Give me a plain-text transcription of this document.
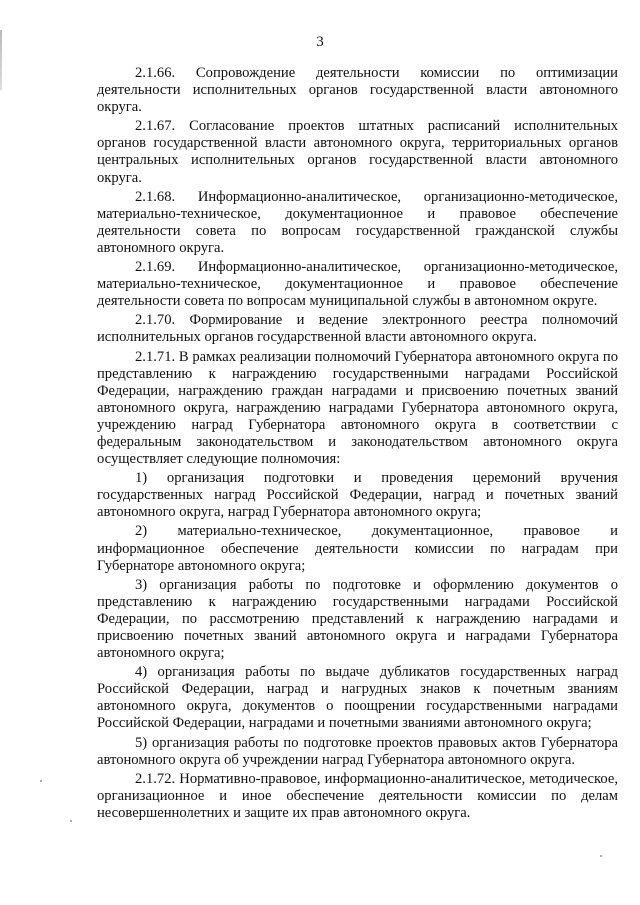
3

2.1.66. Сопровождение деятельности комиссии по оптимизации деятельности исполнительных органов государственной власти автономного округа.

2.1.67. Согласование проектов штатных расписаний исполнительных органов государственной власти автономного округа, территориальных органов центральных исполнительных органов государственной власти автономного округа.

2.1.68. Информационно-аналитическое, организационно-методическое, материально-техническое, документационное и правовое обеспечение деятельности совета по вопросам государственной гражданской службы автономного округа.

2.1.69. Информационно-аналитическое, организационно-методическое, материально-техническое, документационное и правовое обеспечение деятельности совета по вопросам муниципальной службы в автономном округе.

2.1.70. Формирование и ведение электронного реестра полномочий исполнительных органов государственной власти автономного округа.

2.1.71. В рамках реализации полномочий Губернатора автономного округа по представлению к награждению государственными наградами Российской Федерации, награждению граждан наградами и присвоению почетных званий автономного округа, награждению наградами Губернатора автономного округа, учреждению наград Губернатора автономного округа в соответствии с федеральным законодательством и законодательством автономного округа осуществляет следующие полномочия:

1) организация подготовки и проведения церемоний вручения государственных наград Российской Федерации, наград и почетных званий автономного округа, наград Губернатора автономного округа;

2) материально-техническое, документационное, правовое и информационное обеспечение деятельности комиссии по наградам при Губернаторе автономного округа;

3) организация работы по подготовке и оформлению документов о представлению к награждению государственными наградами Российской Федерации, по рассмотрению представлений к награждению наградами и присвоению почетных званий автономного округа и наградами Губернатора автономного округа;

4) организация работы по выдаче дубликатов государственных наград Российской Федерации, наград и нагрудных знаков к почетным званиям автономного округа, документов о поощрении государственными наградами Российской Федерации, наградами и почетными званиями автономного округа;

5) организация работы по подготовке проектов правовых актов Губернатора автономного округа об учреждении наград Губернатора автономного округа.

2.1.72. Нормативно-правовое, информационно-аналитическое, методическое, организационное и иное обеспечение деятельности комиссии по делам несовершеннолетних и защите их прав автономного округа.
